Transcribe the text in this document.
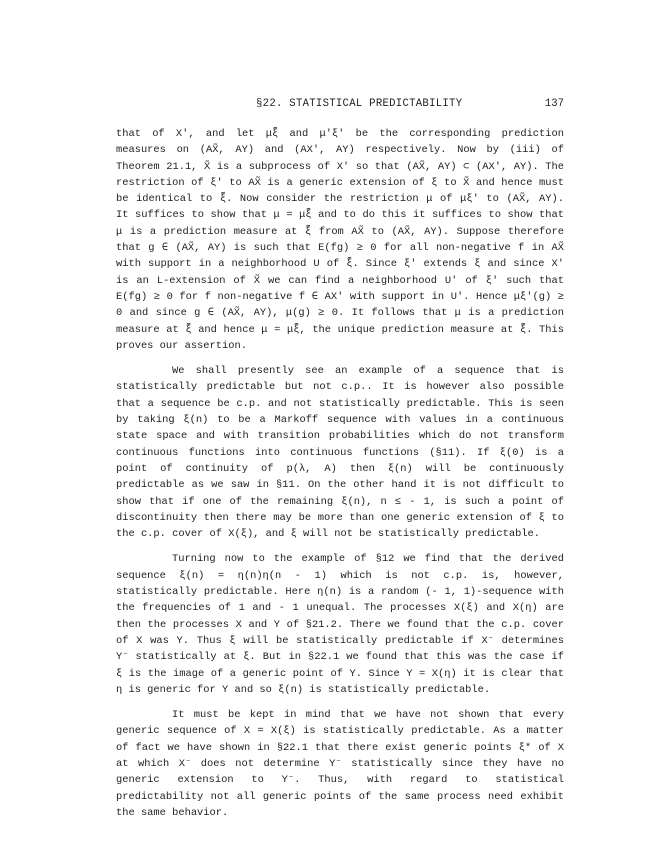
§22. STATISTICAL PREDICTABILITY	137

that of X', and let μξ̃ and μ'ξ' be the corresponding prediction measures on (AX̃, AY) and (AX', AY) respectively. Now by (iii) of Theorem 21.1, X̃ is a subprocess of X' so that (AX̃, AY) ⊂ (AX', AY). The restriction of ξ' to AX̃ is a generic extension of ξ to X̃ and hence must be identical to ξ̃. Now consider the restriction μ of μξ' to (AX̃, AY). It suffices to show that μ = μξ̃ and to do this it suffices to show that μ is a prediction measure at ξ̃ from AX̃ to (AX̃, AY). Suppose therefore that g ∈ (AX̃, AY) is such that E(fg) ≥ 0 for all non-negative f in AX̃ with support in a neighborhood U of ξ̃. Since ξ' extends ξ and since X' is an L-extension of X̃ we can find a neighborhood U' of ξ' such that E(fg) ≥ 0 for f non-negative f ∈ AX' with support in U'. Hence μξ'(g) ≥ 0 and since g ∈ (AX̃, AY), μ(g) ≥ 0. It follows that μ is a prediction measure at ξ̃ and hence μ = μξ̃, the unique prediction measure at ξ̃. This proves our assertion.

We shall presently see an example of a sequence that is statistically predictable but not c.p.. It is however also possible that a sequence be c.p. and not statistically predictable. This is seen by taking ξ(n) to be a Markoff sequence with values in a continuous state space and with transition probabilities which do not transform continuous functions into continuous functions (§11). If ξ(0) is a point of continuity of p(λ, A) then ξ(n) will be continuously predictable as we saw in §11. On the other hand it is not difficult to show that if one of the remaining ξ(n), n ≤ - 1, is such a point of discontinuity then there may be more than one generic extension of ξ to the c.p. cover of X(ξ), and ξ will not be statistically predictable.

Turning now to the example of §12 we find that the derived sequence ξ(n) = η(n)η(n - 1) which is not c.p. is, however, statistically predictable. Here η(n) is a random (- 1, 1)-sequence with the frequencies of 1 and - 1 unequal. The processes X(ξ) and X(η) are then the processes X and Y of §21.2. There we found that the c.p. cover of X was Y. Thus ξ will be statistically predictable if X⁻ determines Y⁻ statistically at ξ. But in §22.1 we found that this was the case if ξ is the image of a generic point of Y. Since Y = X(η) it is clear that η is generic for Y and so ξ(n) is statistically predictable.

It must be kept in mind that we have not shown that every generic sequence of X = X(ξ) is statistically predictable. As a matter of fact we have shown in §22.1 that there exist generic points ξ* of X at which X⁻ does not determine Y⁻ statistically since they have no generic extension to Y⁻. Thus, with regard to statistical predictability not all generic points of the same process need exhibit the same behavior.
